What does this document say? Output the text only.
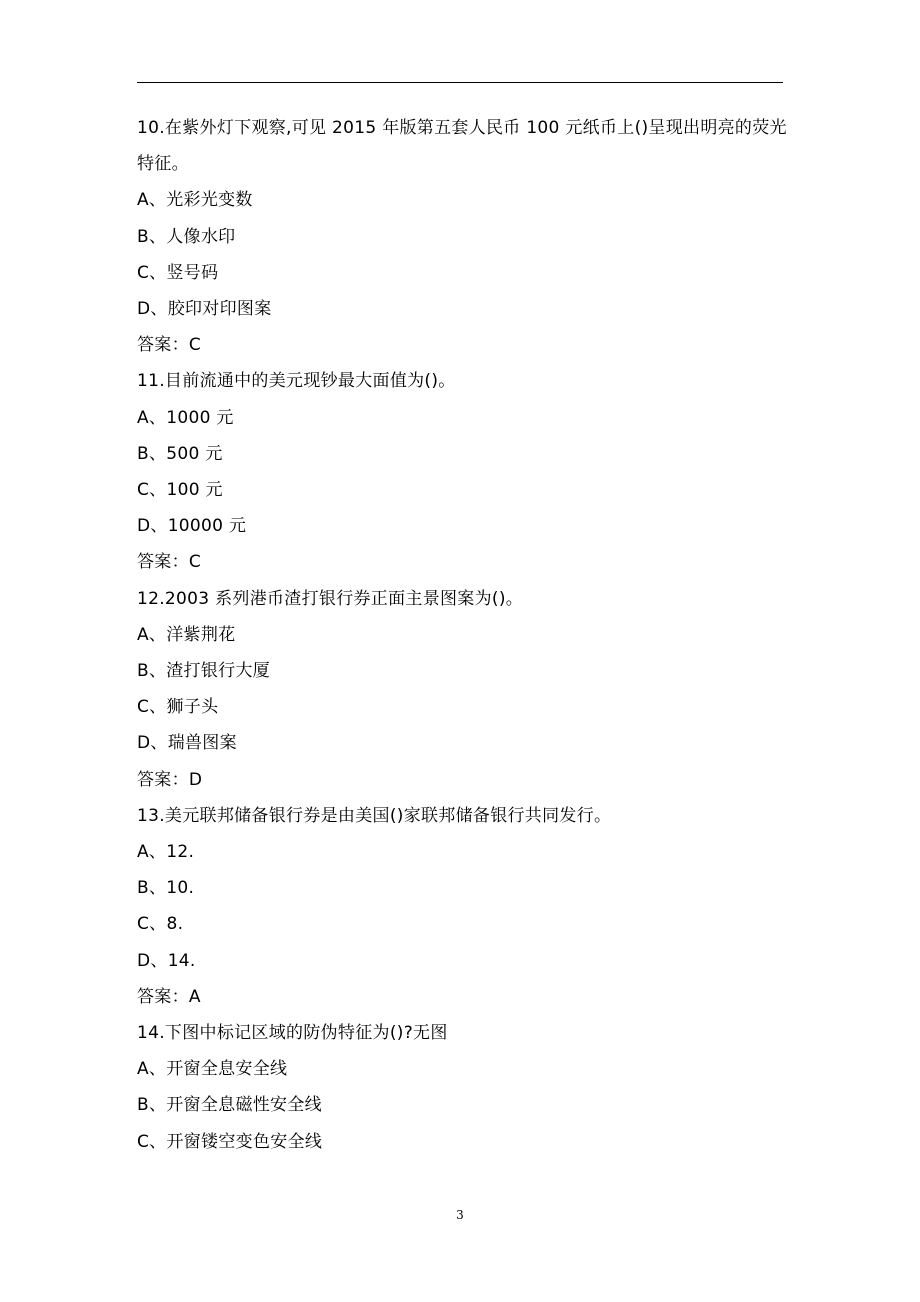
10.在紫外灯下观察,可见 2015 年版第五套人民币 100 元纸币上()呈现出明亮的荧光特征。
A、光彩光变数
B、人像水印
C、竖号码
D、胶印对印图案
答案：C
11.目前流通中的美元现钞最大面值为()。
A、1000 元
B、500 元
C、100 元
D、10000 元
答案：C
12.2003 系列港币渣打银行券正面主景图案为()。
A、洋紫荆花
B、渣打银行大厦
C、狮子头
D、瑞兽图案
答案：D
13.美元联邦储备银行券是由美国()家联邦储备银行共同发行。
A、12.
B、10.
C、8.
D、14.
答案：A
14.下图中标记区域的防伪特征为()?无图
A、开窗全息安全线
B、开窗全息磁性安全线
C、开窗镂空变色安全线
3
